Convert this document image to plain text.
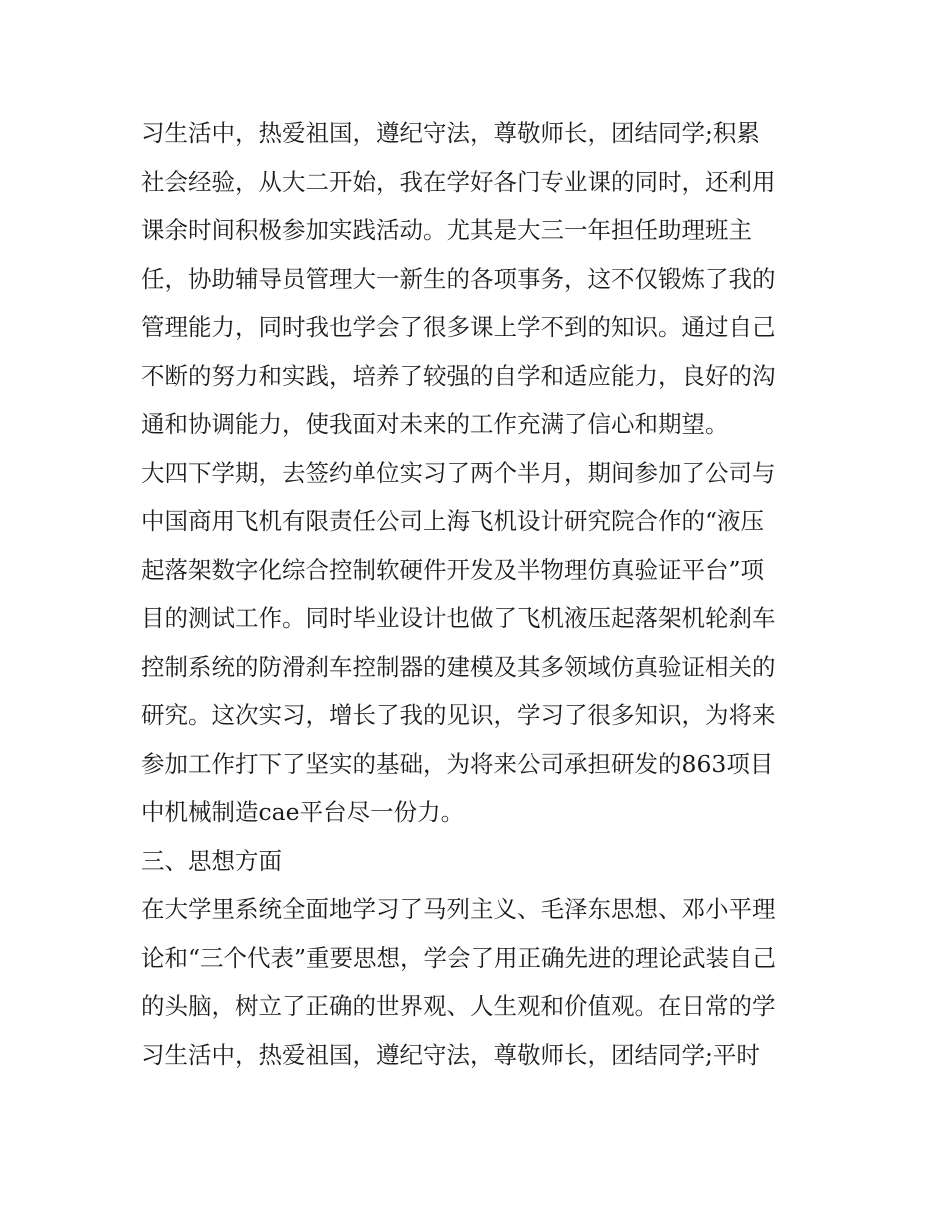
习生活中，热爱祖国，遵纪守法，尊敬师长，团结同学;积累
社会经验，从大二开始，我在学好各门专业课的同时，还利用
课余时间积极参加实践活动。尤其是大三一年担任助理班主
任，协助辅导员管理大一新生的各项事务，这不仅锻炼了我的
管理能力，同时我也学会了很多课上学不到的知识。通过自己
不断的努力和实践，培养了较强的自学和适应能力，良好的沟
通和协调能力，使我面对未来的工作充满了信心和期望。
大四下学期，去签约单位实习了两个半月，期间参加了公司与
中国商用飞机有限责任公司上海飞机设计研究院合作的“液压
起落架数字化综合控制软硬件开发及半物理仿真验证平台”项
目的测试工作。同时毕业设计也做了飞机液压起落架机轮刹车
控制系统的防滑刹车控制器的建模及其多领域仿真验证相关的
研究。这次实习，增长了我的见识，学习了很多知识，为将来
参加工作打下了坚实的基础，为将来公司承担研发的863项目
中机械制造cae平台尽一份力。
三、思想方面
在大学里系统全面地学习了马列主义、毛泽东思想、邓小平理
论和“三个代表”重要思想，学会了用正确先进的理论武装自己
的头脑，树立了正确的世界观、人生观和价值观。在日常的学
习生活中，热爱祖国，遵纪守法，尊敬师长，团结同学;平时
